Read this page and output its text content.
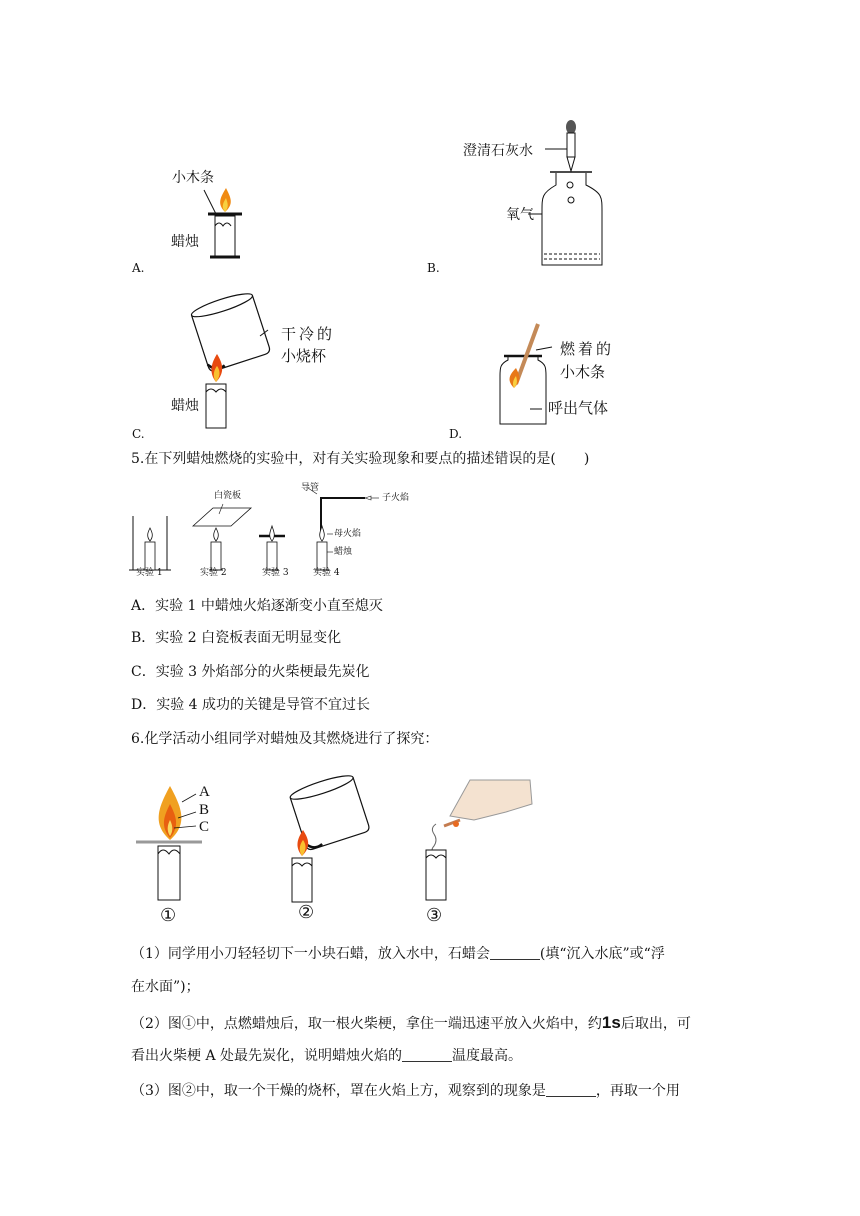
小木条
蜡烛
A.
澄清石灰水
氧气
B.
干冷的
小烧杯
蜡烛
C.
燃着的
小木条
呼出气体
D.
5.在下列蜡烛燃烧的实验中，对有关实验现象和要点的描述错误的是(　　)
白瓷板
导管
子火焰
母火焰
蜡烛
实验 1	实验 2	实验 3	实验 4
A．实验 1 中蜡烛火焰逐渐变小直至熄灭
B．实验 2 白瓷板表面无明显变化
C．实验 3 外焰部分的火柴梗最先炭化
D．实验 4 成功的关键是导管不宜过长
6.化学活动小组同学对蜡烛及其燃烧进行了探究：
A
B
C
①	②	③
（1）同学用小刀轻轻切下一小块石蜡，放入水中，石蜡会	(填“沉入水底”或“浮
在水面”)；
（2）图①中，点燃蜡烛后，取一根火柴梗，拿住一端迅速平放入火焰中，约1s后取出，可
看出火柴梗 A 处最先炭化，说明蜡烛火焰的	温度最高。
（3）图②中，取一个干燥的烧杯，罩在火焰上方，观察到的现象是	，再取一个用
